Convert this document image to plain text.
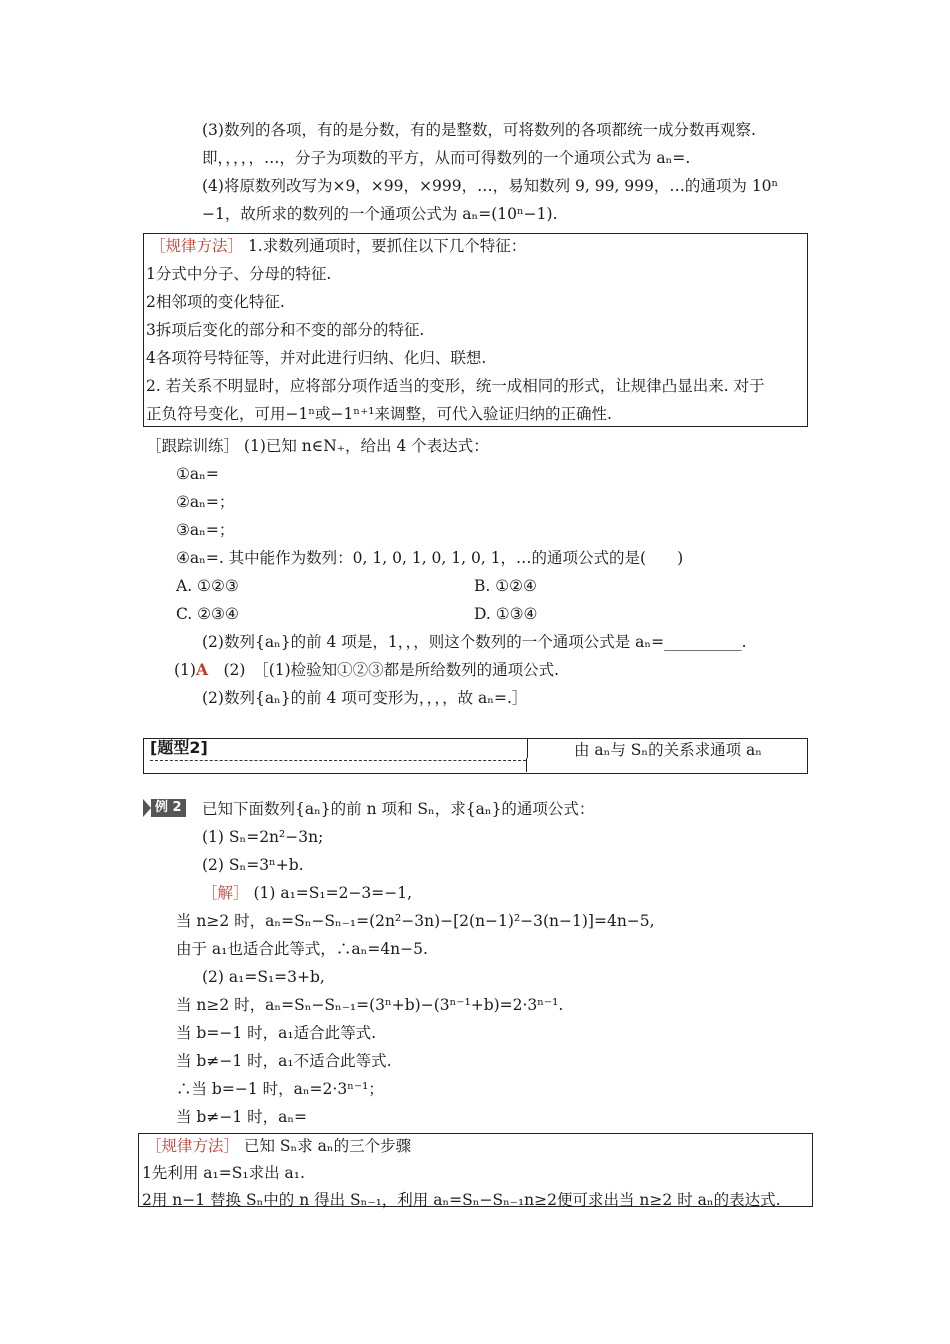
(3)数列的各项，有的是分数，有的是整数，可将数列的各项都统一成分数再观察.
即，，，，，…，分子为项数的平方，从而可得数列的一个通项公式为 aₙ=.
(4)将原数列改写为×9，×99，×999，…，易知数列 9, 99, 999，…的通项为 10ⁿ
−1，故所求的数列的一个通项公式为 aₙ=(10ⁿ−1).
［规律方法］ 1.求数列通项时，要抓住以下几个特征：
1分式中分子、分母的特征.
2相邻项的变化特征.
3拆项后变化的部分和不变的部分的特征.
4各项符号特征等，并对此进行归纳、化归、联想.
2. 若关系不明显时，应将部分项作适当的变形，统一成相同的形式，让规律凸显出来. 对于
正负符号变化，可用−1ⁿ或−1ⁿ⁺¹来调整，可代入验证归纳的正确性.
［跟踪训练］ (1)已知 n∈N₊，给出 4 个表达式：
①aₙ=
②aₙ=；
③aₙ=；
④aₙ=. 其中能作为数列：0, 1, 0, 1, 0, 1, 0, 1，…的通项公式的是(　　)
A. ①②③	B. ①②④
C. ②③④	D. ①③④
(2)数列{aₙ}的前 4 项是，1，，，则这个数列的一个通项公式是 aₙ=__________.
(1)A　(2)　［(1)检验知①②③都是所给数列的通项公式.
(2)数列{aₙ}的前 4 项可变形为，，，，故 aₙ=.］
[题型2]	由 aₙ与 Sₙ的关系求通项 aₙ
例 2 已知下面数列{aₙ}的前 n 项和 Sₙ，求{aₙ}的通项公式：
(1) Sₙ=2n²−3n;
(2) Sₙ=3ⁿ+b.
［解］ (1) a₁=S₁=2−3=−1,
当 n≥2 时，aₙ=Sₙ−Sₙ₋₁=(2n²−3n)−[2(n−1)²−3(n−1)]=4n−5,
由于 a₁也适合此等式，∴aₙ=4n−5.
(2) a₁=S₁=3+b,
当 n≥2 时，aₙ=Sₙ−Sₙ₋₁=(3ⁿ+b)−(3ⁿ⁻¹+b)=2·3ⁿ⁻¹.
当 b=−1 时，a₁适合此等式.
当 b≠−1 时，a₁不适合此等式.
∴当 b=−1 时，aₙ=2·3ⁿ⁻¹；
当 b≠−1 时，aₙ=
［规律方法］ 已知 Sₙ求 aₙ的三个步骤
1先利用 a₁=S₁求出 a₁.
2用 n−1 替换 Sₙ中的 n 得出 Sₙ₋₁，利用 aₙ=Sₙ−Sₙ₋₁n≥2便可求出当 n≥2 时 aₙ的表达式.
